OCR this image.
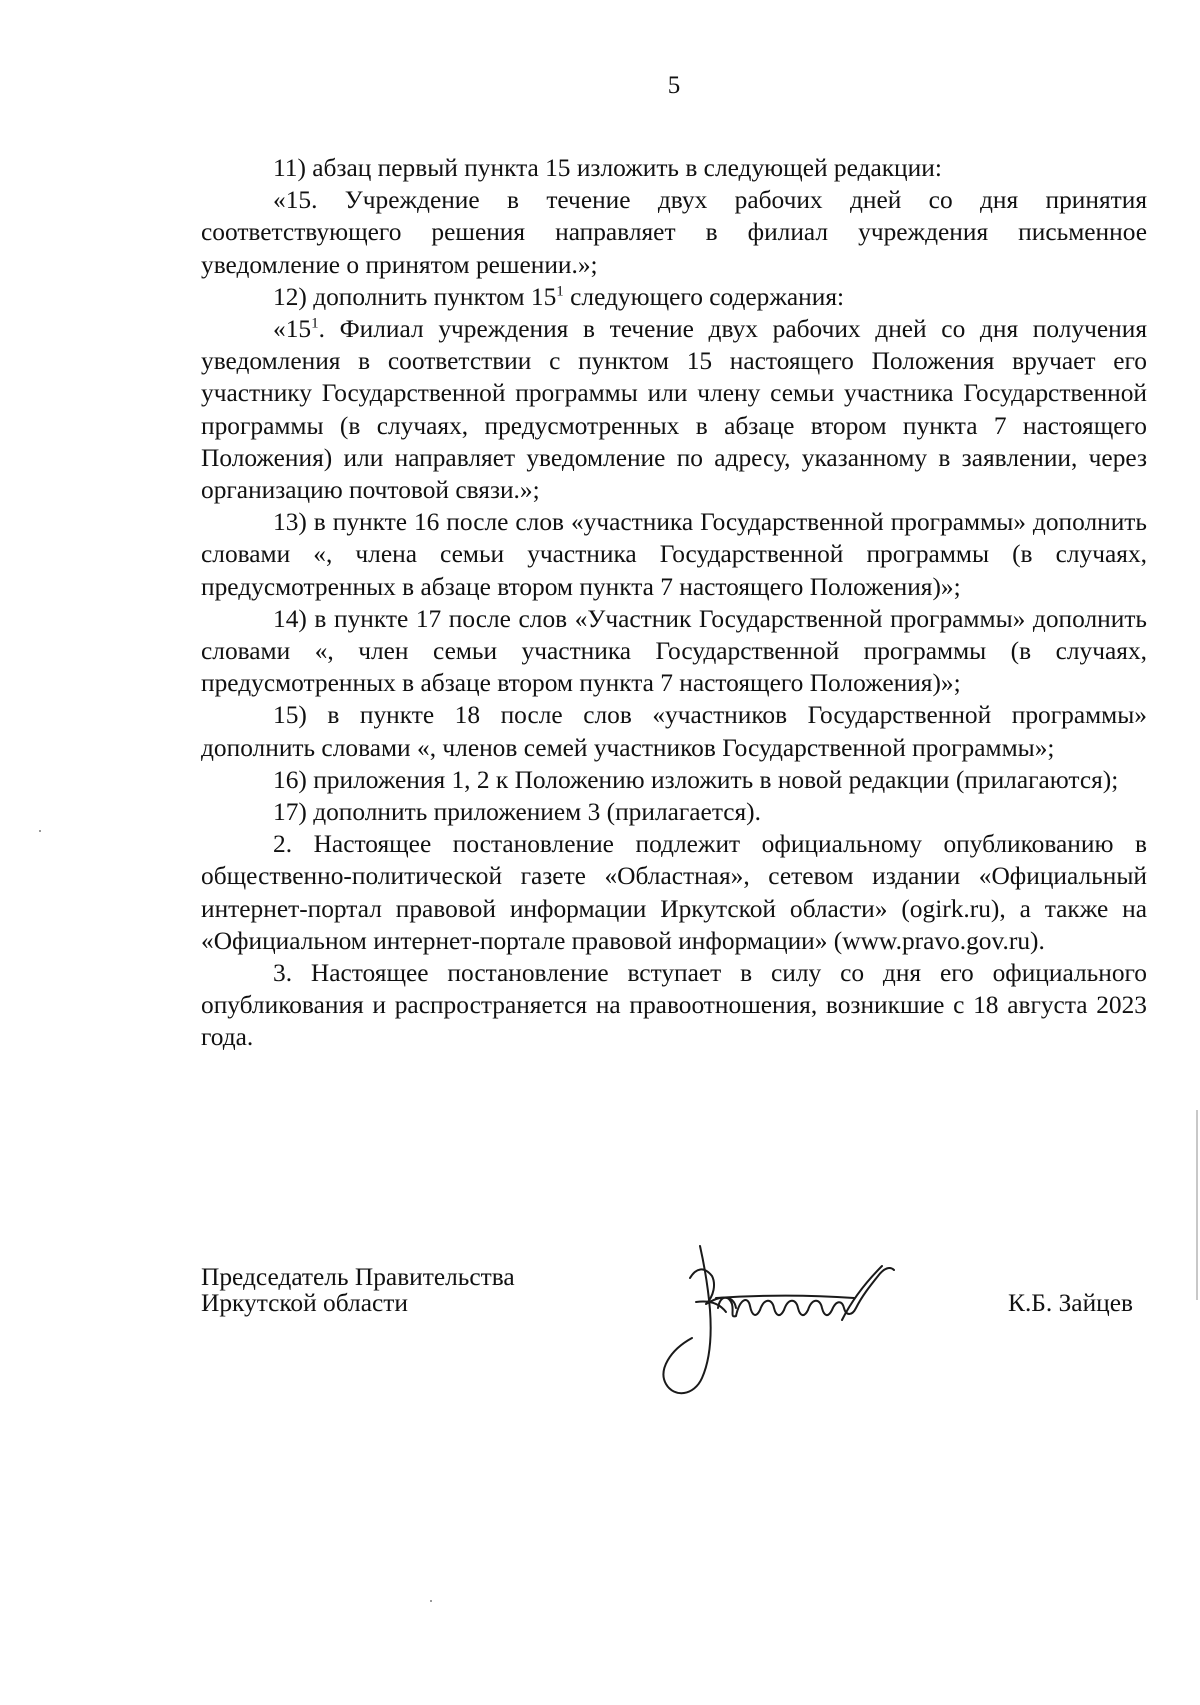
5

11) абзац первый пункта 15 изложить в следующей редакции:

«15. Учреждение в течение двух рабочих дней со дня принятия соответствующего решения направляет в филиал учреждения письменное уведомление о принятом решении.»;

12) дополнить пунктом $15^1$ следующего содержания:

«$15^1$. Филиал учреждения в течение двух рабочих дней со дня получения уведомления в соответствии с пунктом 15 настоящего Положения вручает его участнику Государственной программы или члену семьи участника Государственной программы (в случаях, предусмотренных в абзаце втором пункта 7 настоящего Положения) или направляет уведомление по адресу, указанному в заявлении, через организацию почтовой связи.»;

13) в пункте 16 после слов «участника Государственной программы» дополнить словами «, члена семьи участника Государственной программы (в случаях, предусмотренных в абзаце втором пункта 7 настоящего Положения)»;

14) в пункте 17 после слов «Участник Государственной программы» дополнить словами «, член семьи участника Государственной программы (в случаях, предусмотренных в абзаце втором пункта 7 настоящего Положения)»;

15) в пункте 18 после слов «участников Государственной программы» дополнить словами «, членов семей участников Государственной программы»;

16) приложения 1, 2 к Положению изложить в новой редакции (прилагаются);

17) дополнить приложением 3 (прилагается).

2. Настоящее постановление подлежит официальному опубликованию в общественно-политической газете «Областная», сетевом издании «Официальный интернет-портал правовой информации Иркутской области» (ogirk.ru), а также на «Официальном интернет-портале правовой информации» (www.pravo.gov.ru).

3. Настоящее постановление вступает в силу со дня его официального опубликования и распространяется на правоотношения, возникшие с 18 августа 2023 года.

Председатель Правительства
Иркутской области	К.Б. Зайцев
